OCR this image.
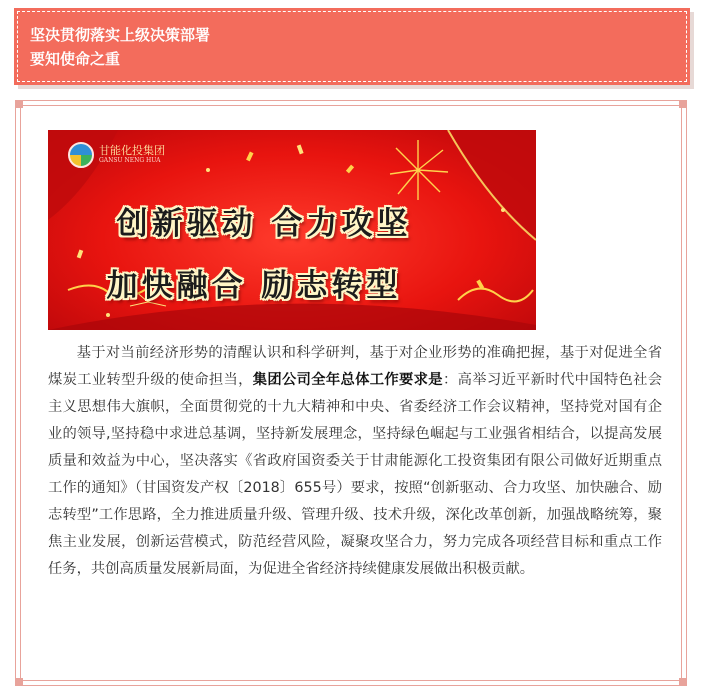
坚决贯彻落实上级决策部署
要知使命之重
甘能化投集团
GANSU NENG HUA
创新驱动 合力攻坚
加快融合 励志转型

基于对当前经济形势的清醒认识和科学研判，基于对企业形势的准确把握，基于对促进全省煤炭工业转型升级的使命担当，集团公司全年总体工作要求是：高举习近平新时代中国特色社会主义思想伟大旗帜，全面贯彻党的十九大精神和中央、省委经济工作会议精神，坚持党对国有企业的领导,坚持稳中求进总基调，坚持新发展理念，坚持绿色崛起与工业强省相结合，以提高发展质量和效益为中心，坚决落实《省政府国资委关于甘肃能源化工投资集团有限公司做好近期重点工作的通知》（甘国资发产权〔2018〕655号）要求，按照“创新驱动、合力攻坚、加快融合、励志转型”工作思路，全力推进质量升级、管理升级、技术升级，深化改革创新，加强战略统筹，聚焦主业发展，创新运营模式，防范经营风险，凝聚攻坚合力，努力完成各项经营目标和重点工作任务，共创高质量发展新局面，为促进全省经济持续健康发展做出积极贡献。
